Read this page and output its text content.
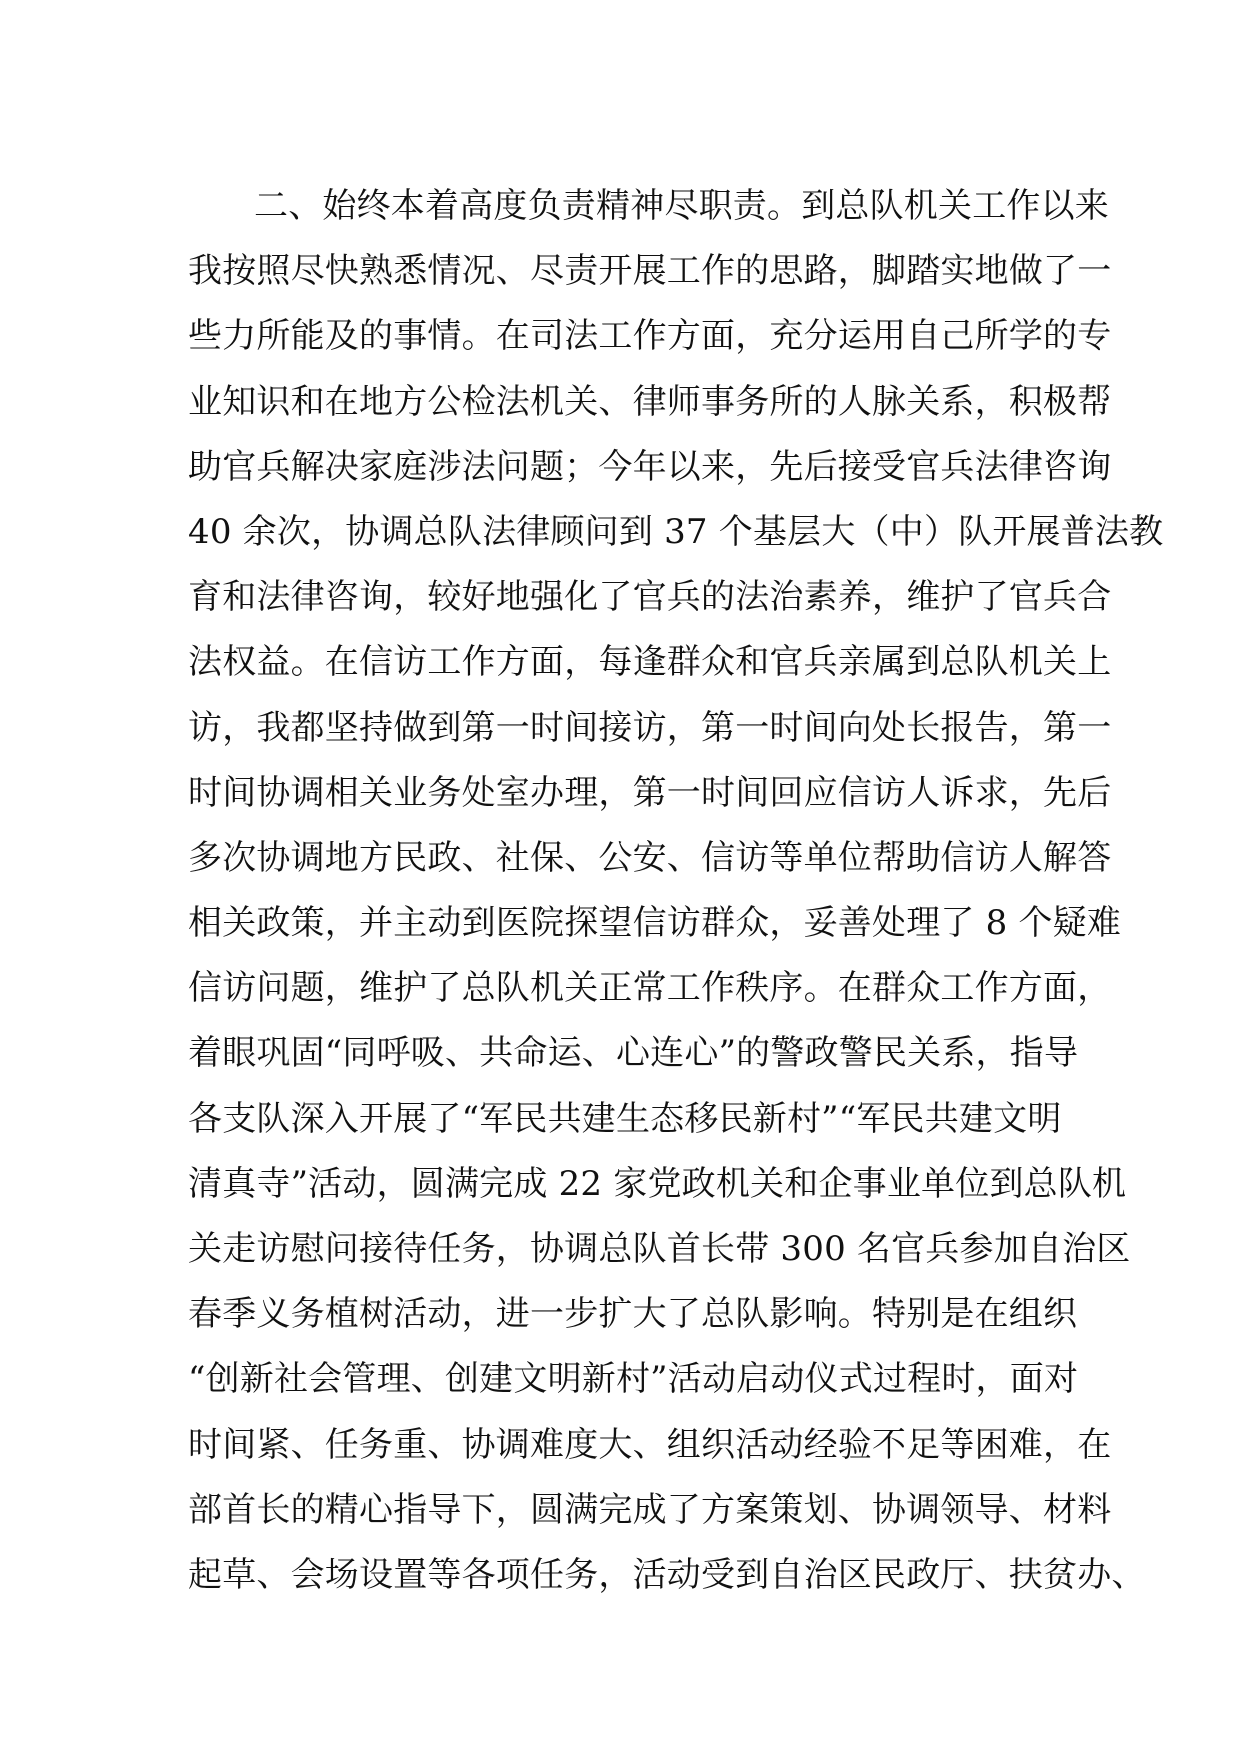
二、始终本着高度负责精神尽职责。到总队机关工作以来
我按照尽快熟悉情况、尽责开展工作的思路，脚踏实地做了一
些力所能及的事情。在司法工作方面，充分运用自己所学的专
业知识和在地方公检法机关、律师事务所的人脉关系，积极帮
助官兵解决家庭涉法问题；今年以来，先后接受官兵法律咨询
40 余次，协调总队法律顾问到 37 个基层大（中）队开展普法教
育和法律咨询，较好地强化了官兵的法治素养，维护了官兵合
法权益。在信访工作方面，每逢群众和官兵亲属到总队机关上
访，我都坚持做到第一时间接访，第一时间向处长报告，第一
时间协调相关业务处室办理，第一时间回应信访人诉求，先后
多次协调地方民政、社保、公安、信访等单位帮助信访人解答
相关政策，并主动到医院探望信访群众，妥善处理了 8 个疑难
信访问题，维护了总队机关正常工作秩序。在群众工作方面，
着眼巩固“同呼吸、共命运、心连心”的警政警民关系，指导
各支队深入开展了“军民共建生态移民新村”“军民共建文明
清真寺”活动，圆满完成 22 家党政机关和企事业单位到总队机
关走访慰问接待任务，协调总队首长带 300 名官兵参加自治区
春季义务植树活动，进一步扩大了总队影响。特别是在组织
“创新社会管理、创建文明新村”活动启动仪式过程时，面对
时间紧、任务重、协调难度大、组织活动经验不足等困难，在
部首长的精心指导下，圆满完成了方案策划、协调领导、材料
起草、会场设置等各项任务，活动受到自治区民政厅、扶贫办、
